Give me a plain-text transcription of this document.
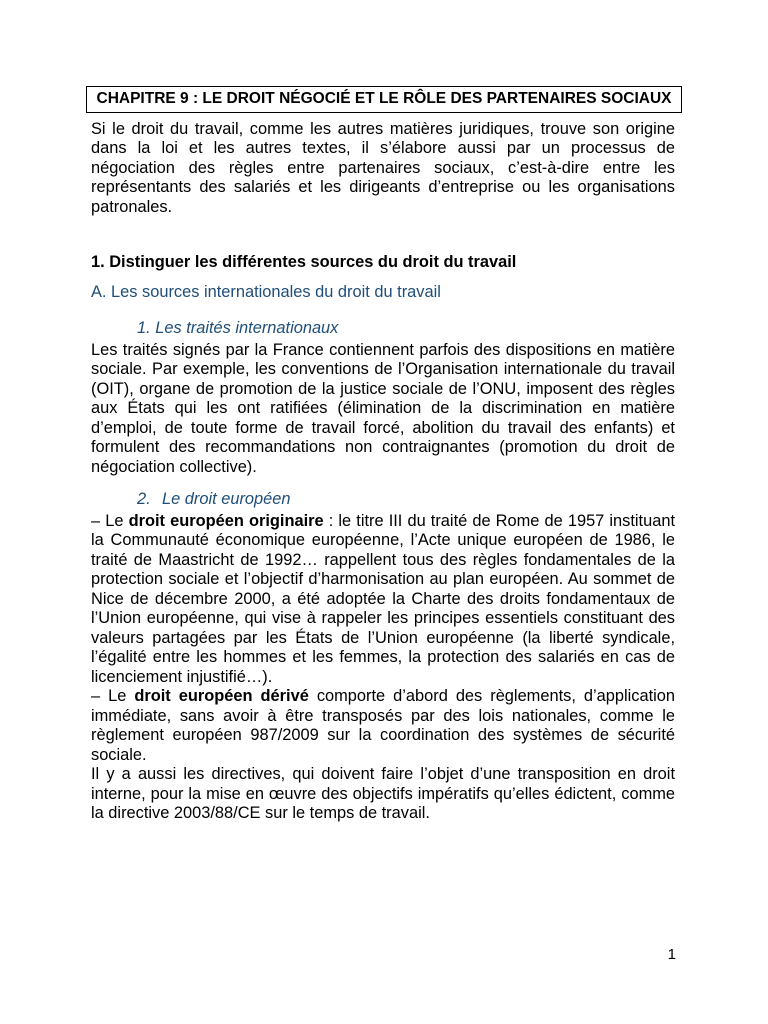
CHAPITRE 9 : LE DROIT NÉGOCIÉ ET LE RÔLE DES PARTENAIRES SOCIAUX

Si le droit du travail, comme les autres matières juridiques, trouve son origine dans la loi et les autres textes, il s’élabore aussi par un processus de négociation des règles entre partenaires sociaux, c’est-à-dire entre les représentants des salariés et les dirigeants d’entreprise ou les organisations patronales.

1. Distinguer les différentes sources du droit du travail
A. Les sources internationales du droit du travail
1. Les traités internationaux

Les traités signés par la France contiennent parfois des dispositions en matière sociale. Par exemple, les conventions de l’Organisation internationale du travail (OIT), organe de promotion de la justice sociale de l’ONU, imposent des règles aux États qui les ont ratifiées (élimination de la discrimination en matière d’emploi, de toute forme de travail forcé, abolition du travail des enfants) et formulent des recommandations non contraignantes (promotion du droit de négociation collective).

2. Le droit européen

– Le droit européen originaire : le titre III du traité de Rome de 1957 instituant la Communauté économique européenne, l’Acte unique européen de 1986, le traité de Maastricht de 1992… rappellent tous des règles fondamentales de la protection sociale et l’objectif d’harmonisation au plan européen. Au sommet de Nice de décembre 2000, a été adoptée la Charte des droits fondamentaux de l’Union européenne, qui vise à rappeler les principes essentiels constituant des valeurs partagées par les États de l’Union européenne (la liberté syndicale, l’égalité entre les hommes et les femmes, la protection des salariés en cas de licenciement injustifié…).

– Le droit européen dérivé comporte d’abord des règlements, d’application immédiate, sans avoir à être transposés par des lois nationales, comme le règlement européen 987/2009 sur la coordination des systèmes de sécurité sociale.

Il y a aussi les directives, qui doivent faire l’objet d’une transposition en droit interne, pour la mise en œuvre des objectifs impératifs qu’elles édictent, comme la directive 2003/88/CE sur le temps de travail.

1
